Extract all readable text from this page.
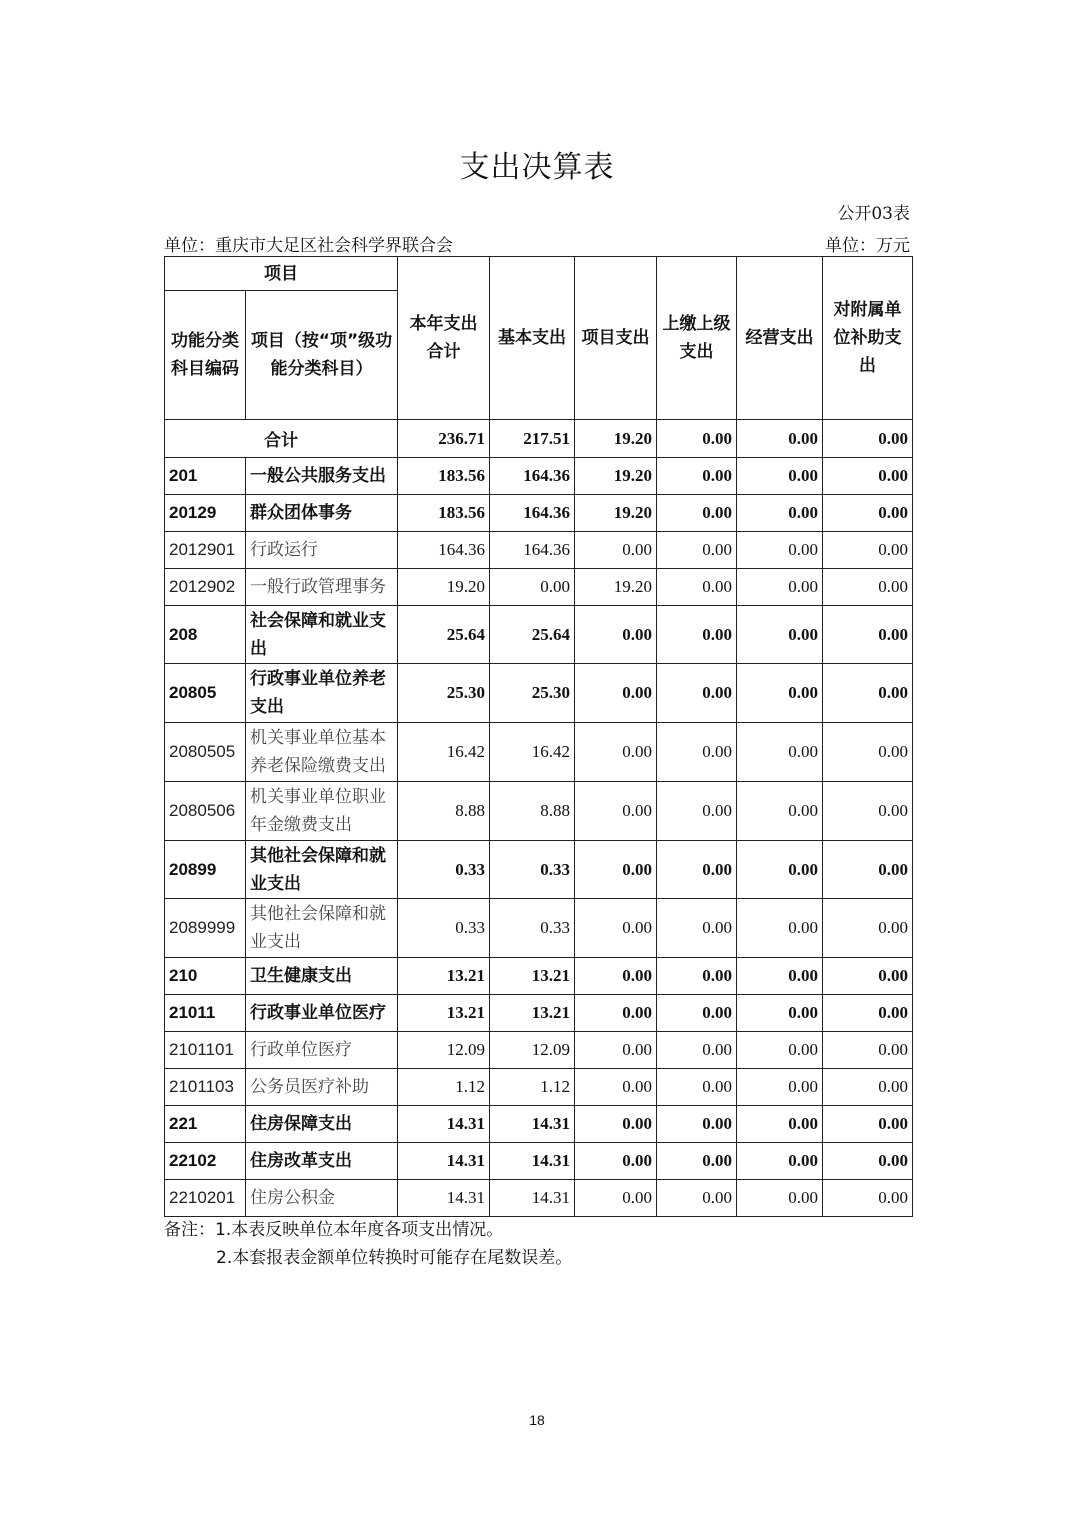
支出决算表
公开03表
单位：重庆市大足区社会科学界联合会	单位：万元
项目		本年支出合计	基本支出	项目支出	上缴上级支出	经营支出	对附属单位补助支出
功能分类科目编码	项目（按“项”级功能分类科目）						
合计		236.71	217.51	19.20	0.00	0.00	0.00
201	一般公共服务支出	183.56	164.36	19.20	0.00	0.00	0.00
20129	群众团体事务	183.56	164.36	19.20	0.00	0.00	0.00
2012901	行政运行	164.36	164.36	0.00	0.00	0.00	0.00
2012902	一般行政管理事务	19.20	0.00	19.20	0.00	0.00	0.00
208	社会保障和就业支出	25.64	25.64	0.00	0.00	0.00	0.00
20805	行政事业单位养老支出	25.30	25.30	0.00	0.00	0.00	0.00
2080505	机关事业单位基本养老保险缴费支出	16.42	16.42	0.00	0.00	0.00	0.00
2080506	机关事业单位职业年金缴费支出	8.88	8.88	0.00	0.00	0.00	0.00
20899	其他社会保障和就业支出	0.33	0.33	0.00	0.00	0.00	0.00
2089999	其他社会保障和就业支出	0.33	0.33	0.00	0.00	0.00	0.00
210	卫生健康支出	13.21	13.21	0.00	0.00	0.00	0.00
21011	行政事业单位医疗	13.21	13.21	0.00	0.00	0.00	0.00
2101101	行政单位医疗	12.09	12.09	0.00	0.00	0.00	0.00
2101103	公务员医疗补助	1.12	1.12	0.00	0.00	0.00	0.00
221	住房保障支出	14.31	14.31	0.00	0.00	0.00	0.00
22102	住房改革支出	14.31	14.31	0.00	0.00	0.00	0.00
2210201	住房公积金	14.31	14.31	0.00	0.00	0.00	0.00
备注：1.本表反映单位本年度各项支出情况。
2.本套报表金额单位转换时可能存在尾数误差。
18
